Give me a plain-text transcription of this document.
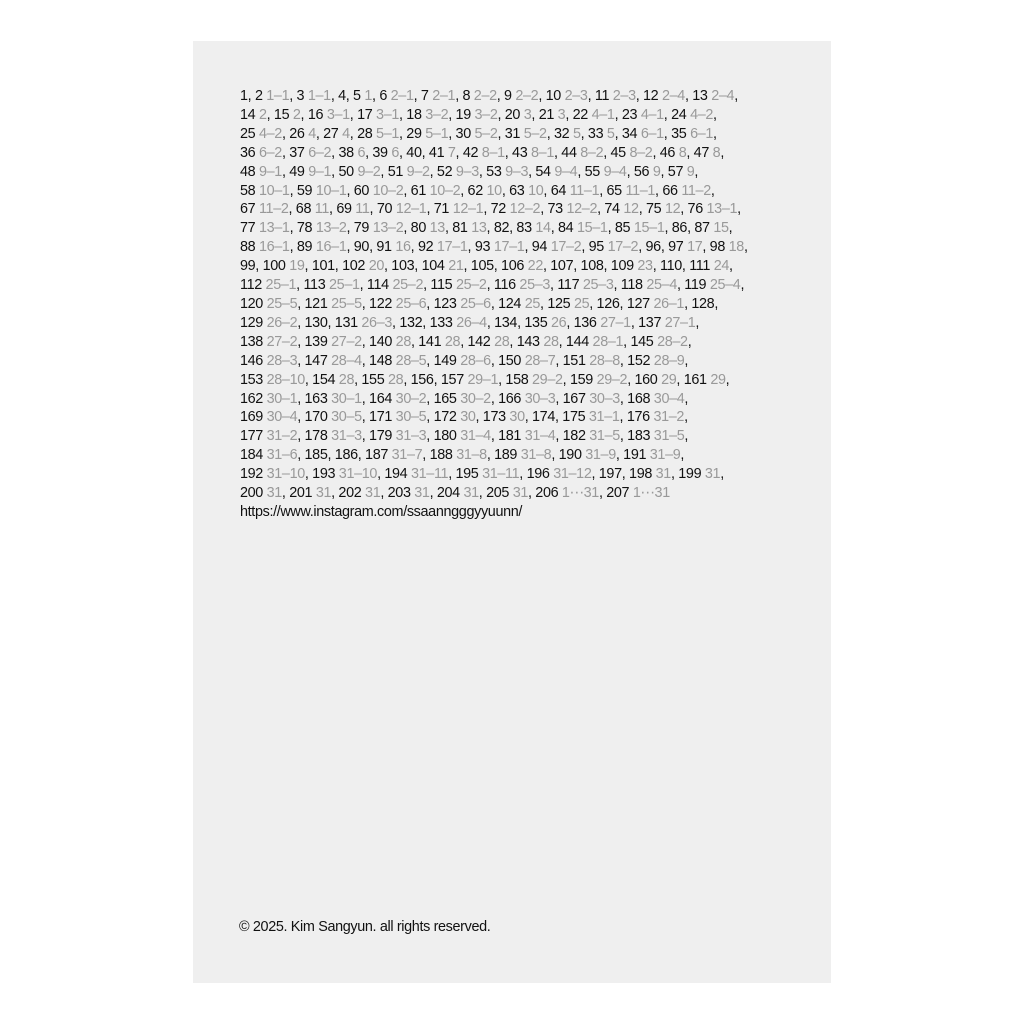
1, 2 1–1, 3 1–1, 4, 5 1, 6 2–1, 7 2–1, 8 2–2, 9 2–2, 10 2–3, 11 2–3, 12 2–4, 13 2–4,
14 2, 15 2, 16 3–1, 17 3–1, 18 3–2, 19 3–2, 20 3, 21 3, 22 4–1, 23 4–1, 24 4–2,
25 4–2, 26 4, 27 4, 28 5–1, 29 5–1, 30 5–2, 31 5–2, 32 5, 33 5, 34 6–1, 35 6–1,
36 6–2, 37 6–2, 38 6, 39 6, 40, 41 7, 42 8–1, 43 8–1, 44 8–2, 45 8–2, 46 8, 47 8,
48 9–1, 49 9–1, 50 9–2, 51 9–2, 52 9–3, 53 9–3, 54 9–4, 55 9–4, 56 9, 57 9,
58 10–1, 59 10–1, 60 10–2, 61 10–2, 62 10, 63 10, 64 11–1, 65 11–1, 66 11–2,
67 11–2, 68 11, 69 11, 70 12–1, 71 12–1, 72 12–2, 73 12–2, 74 12, 75 12, 76 13–1,
77 13–1, 78 13–2, 79 13–2, 80 13, 81 13, 82, 83 14, 84 15–1, 85 15–1, 86, 87 15,
88 16–1, 89 16–1, 90, 91 16, 92 17–1, 93 17–1, 94 17–2, 95 17–2, 96, 97 17, 98 18,
99, 100 19, 101, 102 20, 103, 104 21, 105, 106 22, 107, 108, 109 23, 110, 111 24,
112 25–1, 113 25–1, 114 25–2, 115 25–2, 116 25–3, 117 25–3, 118 25–4, 119 25–4,
120 25–5, 121 25–5, 122 25–6, 123 25–6, 124 25, 125 25, 126, 127 26–1, 128,
129 26–2, 130, 131 26–3, 132, 133 26–4, 134, 135 26, 136 27–1, 137 27–1,
138 27–2, 139 27–2, 140 28, 141 28, 142 28, 143 28, 144 28–1, 145 28–2,
146 28–3, 147 28–4, 148 28–5, 149 28–6, 150 28–7, 151 28–8, 152 28–9,
153 28–10, 154 28, 155 28, 156, 157 29–1, 158 29–2, 159 29–2, 160 29, 161 29,
162 30–1, 163 30–1, 164 30–2, 165 30–2, 166 30–3, 167 30–3, 168 30–4,
169 30–4, 170 30–5, 171 30–5, 172 30, 173 30, 174, 175 31–1, 176 31–2,
177 31–2, 178 31–3, 179 31–3, 180 31–4, 181 31–4, 182 31–5, 183 31–5,
184 31–6, 185, 186, 187 31–7, 188 31–8, 189 31–8, 190 31–9, 191 31–9,
192 31–10, 193 31–10, 194 31–11, 195 31–11, 196 31–12, 197, 198 31, 199 31,
200 31, 201 31, 202 31, 203 31, 204 31, 205 31, 206 1⋯31, 207 1⋯31
https://www.instagram.com/ssaanngggyyuunn/
© 2025. Kim Sangyun. all rights reserved.
